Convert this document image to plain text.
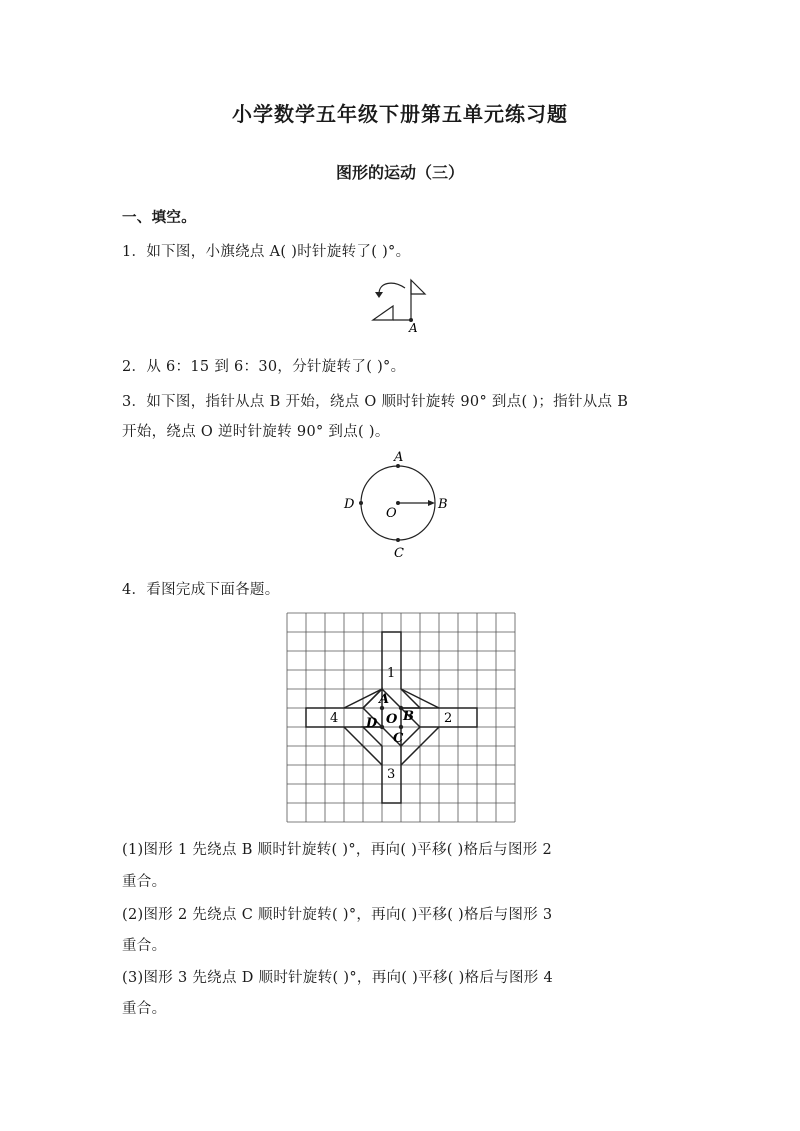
小学数学五年级下册第五单元练习题
图形的运动（三）
一、填空。
1．如下图，小旗绕点 A( )时针旋转了( )°。
A
2．从 6：15 到 6：30，分针旋转了( )°。
3．如下图，指针从点 B 开始，绕点 O 顺时针旋转 90° 到点( )；指针从点 B
开始，绕点 O 逆时针旋转 90° 到点( )。
A
B
C
D
O
4．看图完成下面各题。
1
2
3
4
A
B
C
D O
(1)图形 1 先绕点 B 顺时针旋转( )°，再向( )平移( )格后与图形 2
重合。
(2)图形 2 先绕点 C 顺时针旋转( )°，再向( )平移( )格后与图形 3
重合。
(3)图形 3 先绕点 D 顺时针旋转( )°，再向( )平移( )格后与图形 4
重合。
